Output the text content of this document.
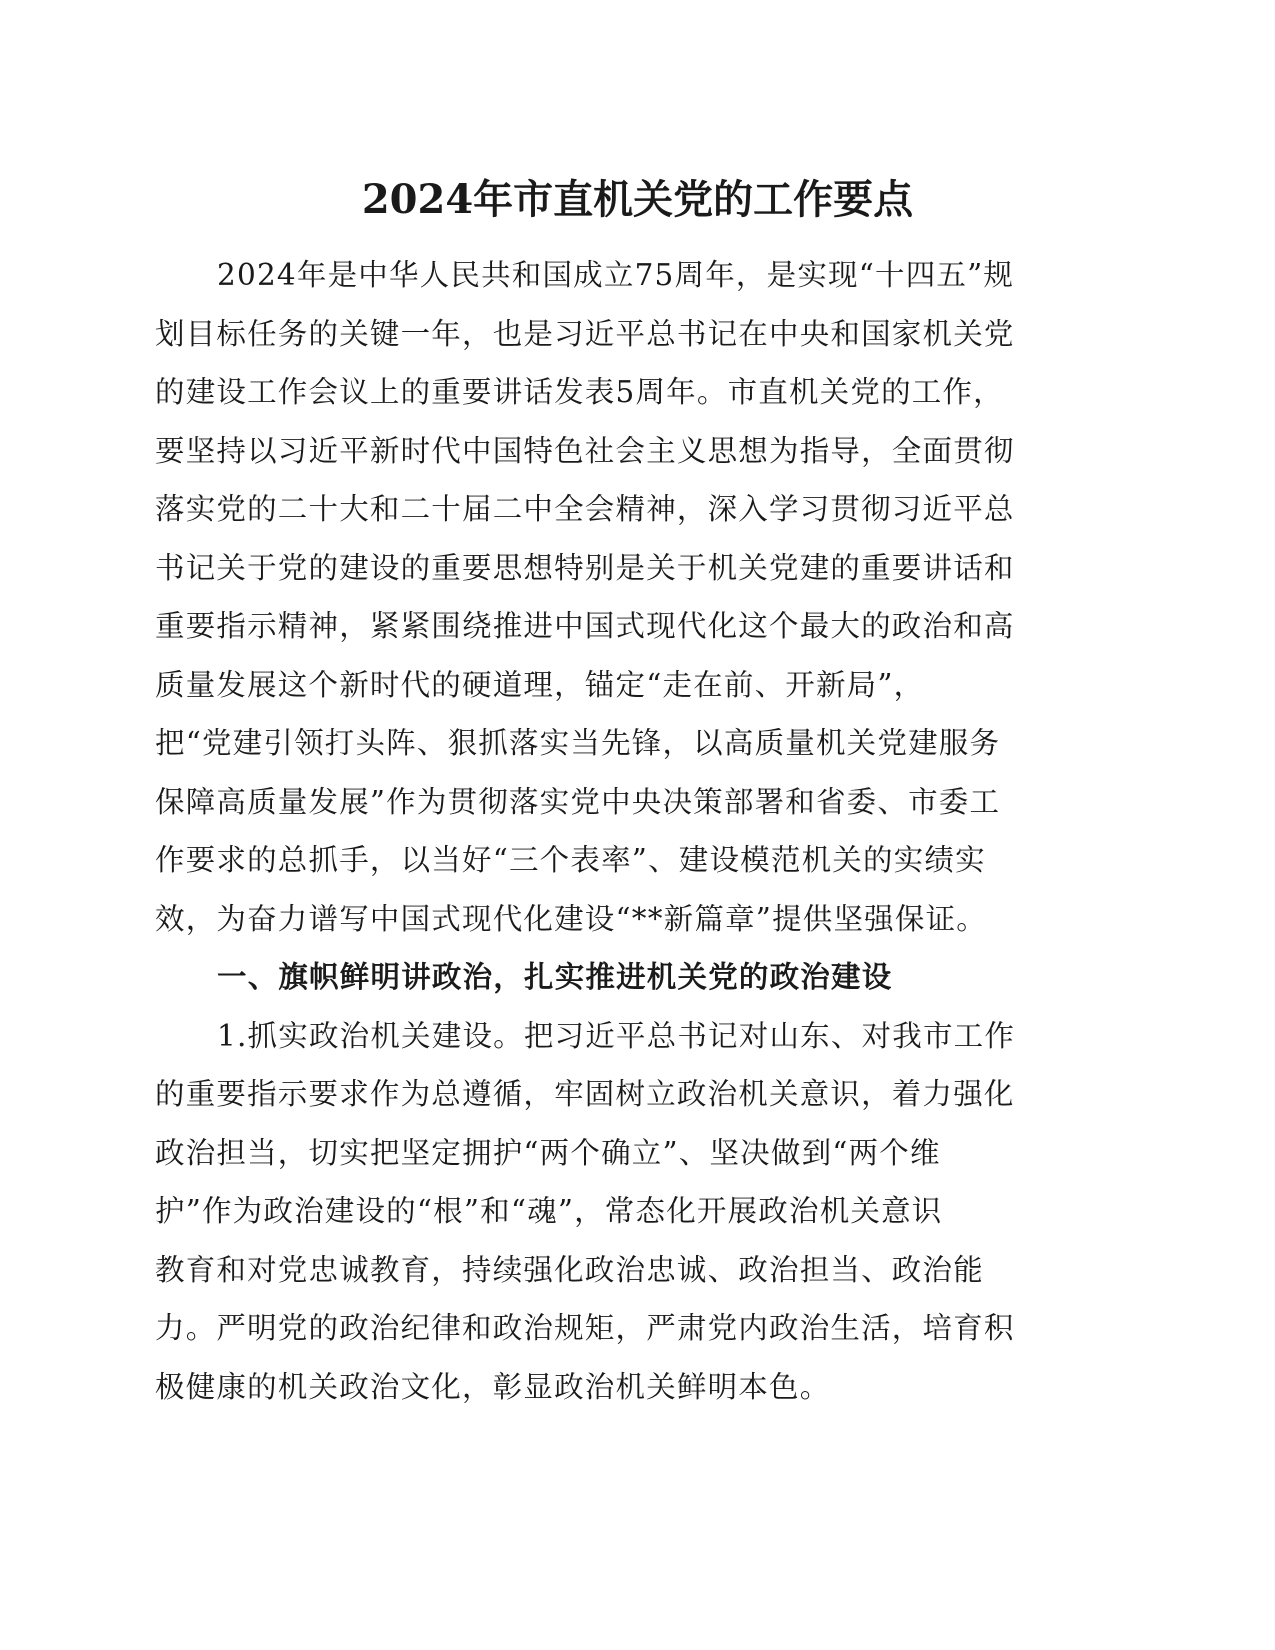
2024年市直机关党的工作要点
2024年是中华人民共和国成立75周年，是实现“十四五”规
划目标任务的关键一年，也是习近平总书记在中央和国家机关党
的建设工作会议上的重要讲话发表5周年。市直机关党的工作，
要坚持以习近平新时代中国特色社会主义思想为指导，全面贯彻
落实党的二十大和二十届二中全会精神，深入学习贯彻习近平总
书记关于党的建设的重要思想特别是关于机关党建的重要讲话和
重要指示精神，紧紧围绕推进中国式现代化这个最大的政治和高
质量发展这个新时代的硬道理，锚定“走在前、开新局”，
把“党建引领打头阵、狠抓落实当先锋，以高质量机关党建服务
保障高质量发展”作为贯彻落实党中央决策部署和省委、市委工
作要求的总抓手，以当好“三个表率”、建设模范机关的实绩实
效，为奋力谱写中国式现代化建设“**新篇章”提供坚强保证。
一、旗帜鲜明讲政治，扎实推进机关党的政治建设
1.抓实政治机关建设。把习近平总书记对山东、对我市工作
的重要指示要求作为总遵循，牢固树立政治机关意识，着力强化
政治担当，切实把坚定拥护“两个确立”、坚决做到“两个维
护”作为政治建设的“根”和“魂”，常态化开展政治机关意识
教育和对党忠诚教育，持续强化政治忠诚、政治担当、政治能
力。严明党的政治纪律和政治规矩，严肃党内政治生活，培育积
极健康的机关政治文化，彰显政治机关鲜明本色。
